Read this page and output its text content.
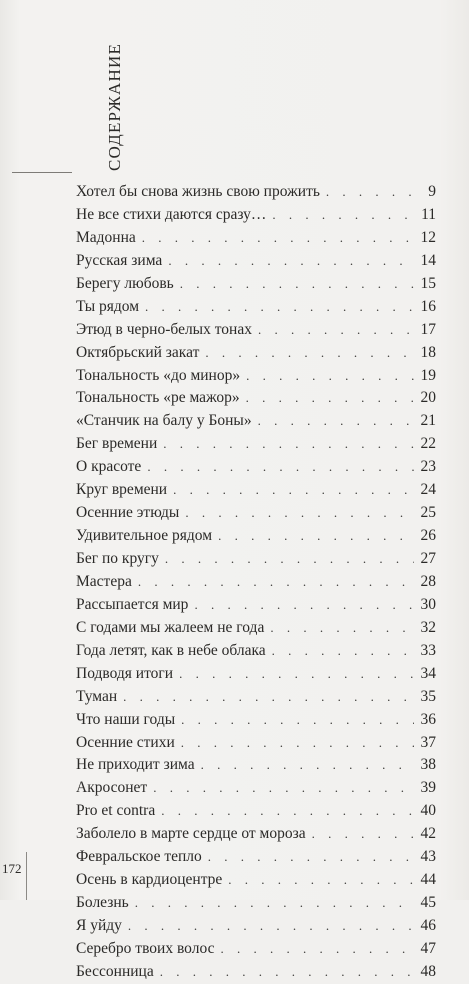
СОДЕРЖАНИЕ
Хотел бы снова жизнь свою прожить . . .	9
Не все стихи даются сразу… . . .	11
Мадонна . . .	12
Русская зима . . .	14
Берегу любовь . . .	15
Ты рядом . . .	16
Этюд в черно-белых тонах . . .	17
Октябрьский закат . . .	18
Тональность «до минор» . . .	19
Тональность «ре мажор» . . .	20
«Станчик на балу у Боны» . . .	21
Бег времени . . .	22
О красоте . . .	23
Круг времени . . .	24
Осенние этюды . . .	25
Удивительное рядом . . .	26
Бег по кругу . . .	27
Мастера . . .	28
Рассыпается мир . . .	30
С годами мы жалеем не года . . .	32
Года летят, как в небе облака . . .	33
Подводя итоги . . .	34
Туман . . .	35
Что наши годы . . .	36
Осенние стихи . . .	37
Не приходит зима . . .	38
Акросонет . . .	39
Pro et contra . . .	40
Заболело в марте сердце от мороза . . .	42
Февральское тепло . . .	43
Осень в кардиоцентре . . .	44
Болезнь . . .	45
Я уйду . . .	46
Серебро твоих волос . . .	47
Бессонница . . .	48
172
